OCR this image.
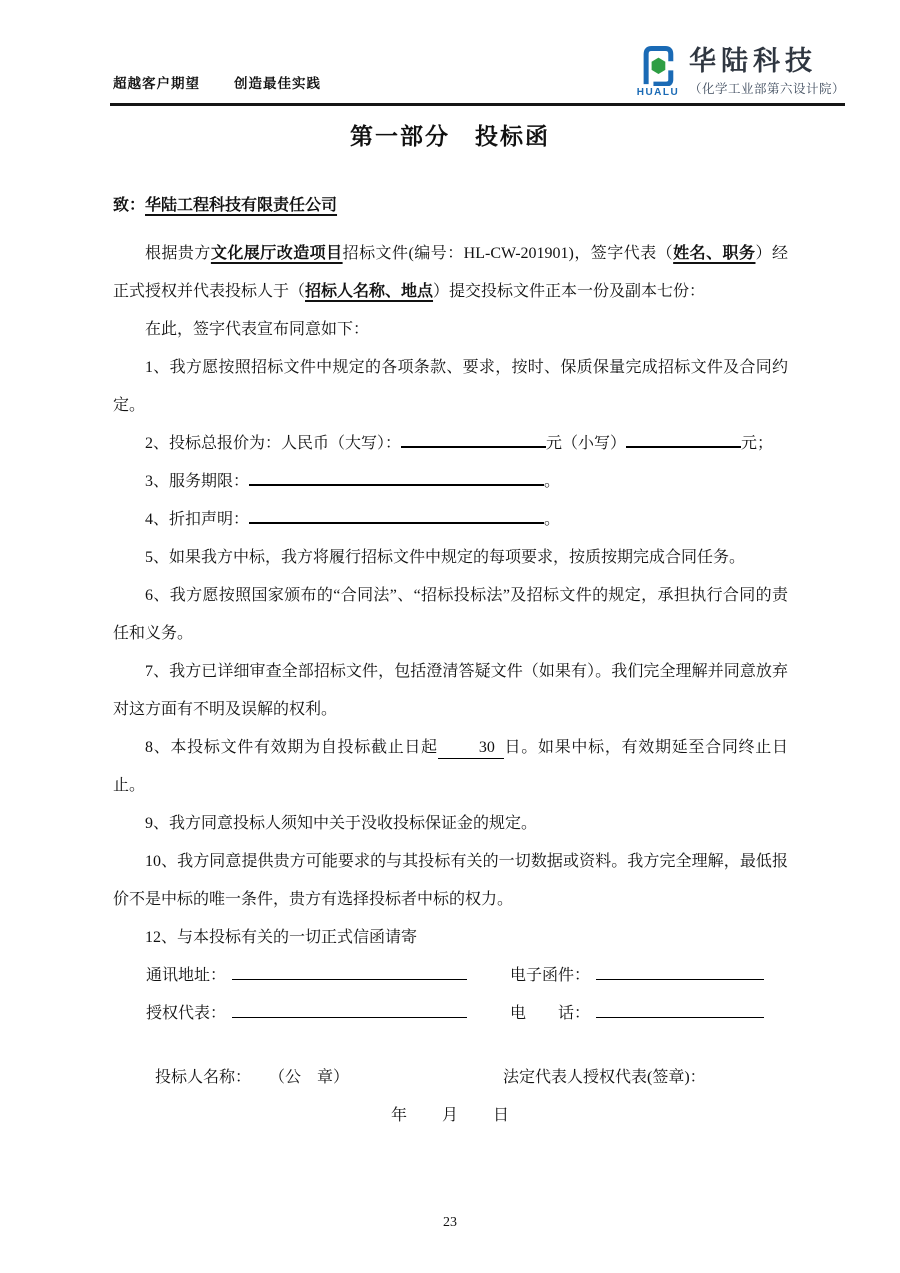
超越客户期望	创造最佳实践
HUALU
华陆科技
（化学工业部第六设计院）
第一部分　投标函
致：华陆工程科技有限责任公司

根据贵方文化展厅改造项目招标文件(编号：HL-CW-201901)，签字代表（姓名、职务）经正式授权并代表投标人于（招标人名称、地点）提交投标文件正本一份及副本七份：

在此，签字代表宣布同意如下：

1、我方愿按照招标文件中规定的各项条款、要求，按时、保质保量完成招标文件及合同约定。

2、投标总报价为：人民币（大写）：	元（小写）	元；

3、服务期限：	。

4、折扣声明：	。

5、如果我方中标，我方将履行招标文件中规定的每项要求，按质按期完成合同任务。

6、我方愿按照国家颁布的“合同法”、“招标投标法”及招标文件的规定，承担执行合同的责任和义务。

7、我方已详细审查全部招标文件，包括澄清答疑文件（如果有）。我们完全理解并同意放弃对这方面有不明及误解的权利。

8、本投标文件有效期为自投标截止日起	30 日。如果中标，有效期延至合同终止日止。

9、我方同意投标人须知中关于没收投标保证金的规定。

10、我方同意提供贵方可能要求的与其投标有关的一切数据或资料。我方完全理解，最低报价不是中标的唯一条件，贵方有选择投标者中标的权力。

12、与本投标有关的一切正式信函请寄

通讯地址：	电子函件：
授权代表：	电　　话：
投标人名称： （公　章）	法定代表人授权代表(签章)：
年　　月　　日
23
